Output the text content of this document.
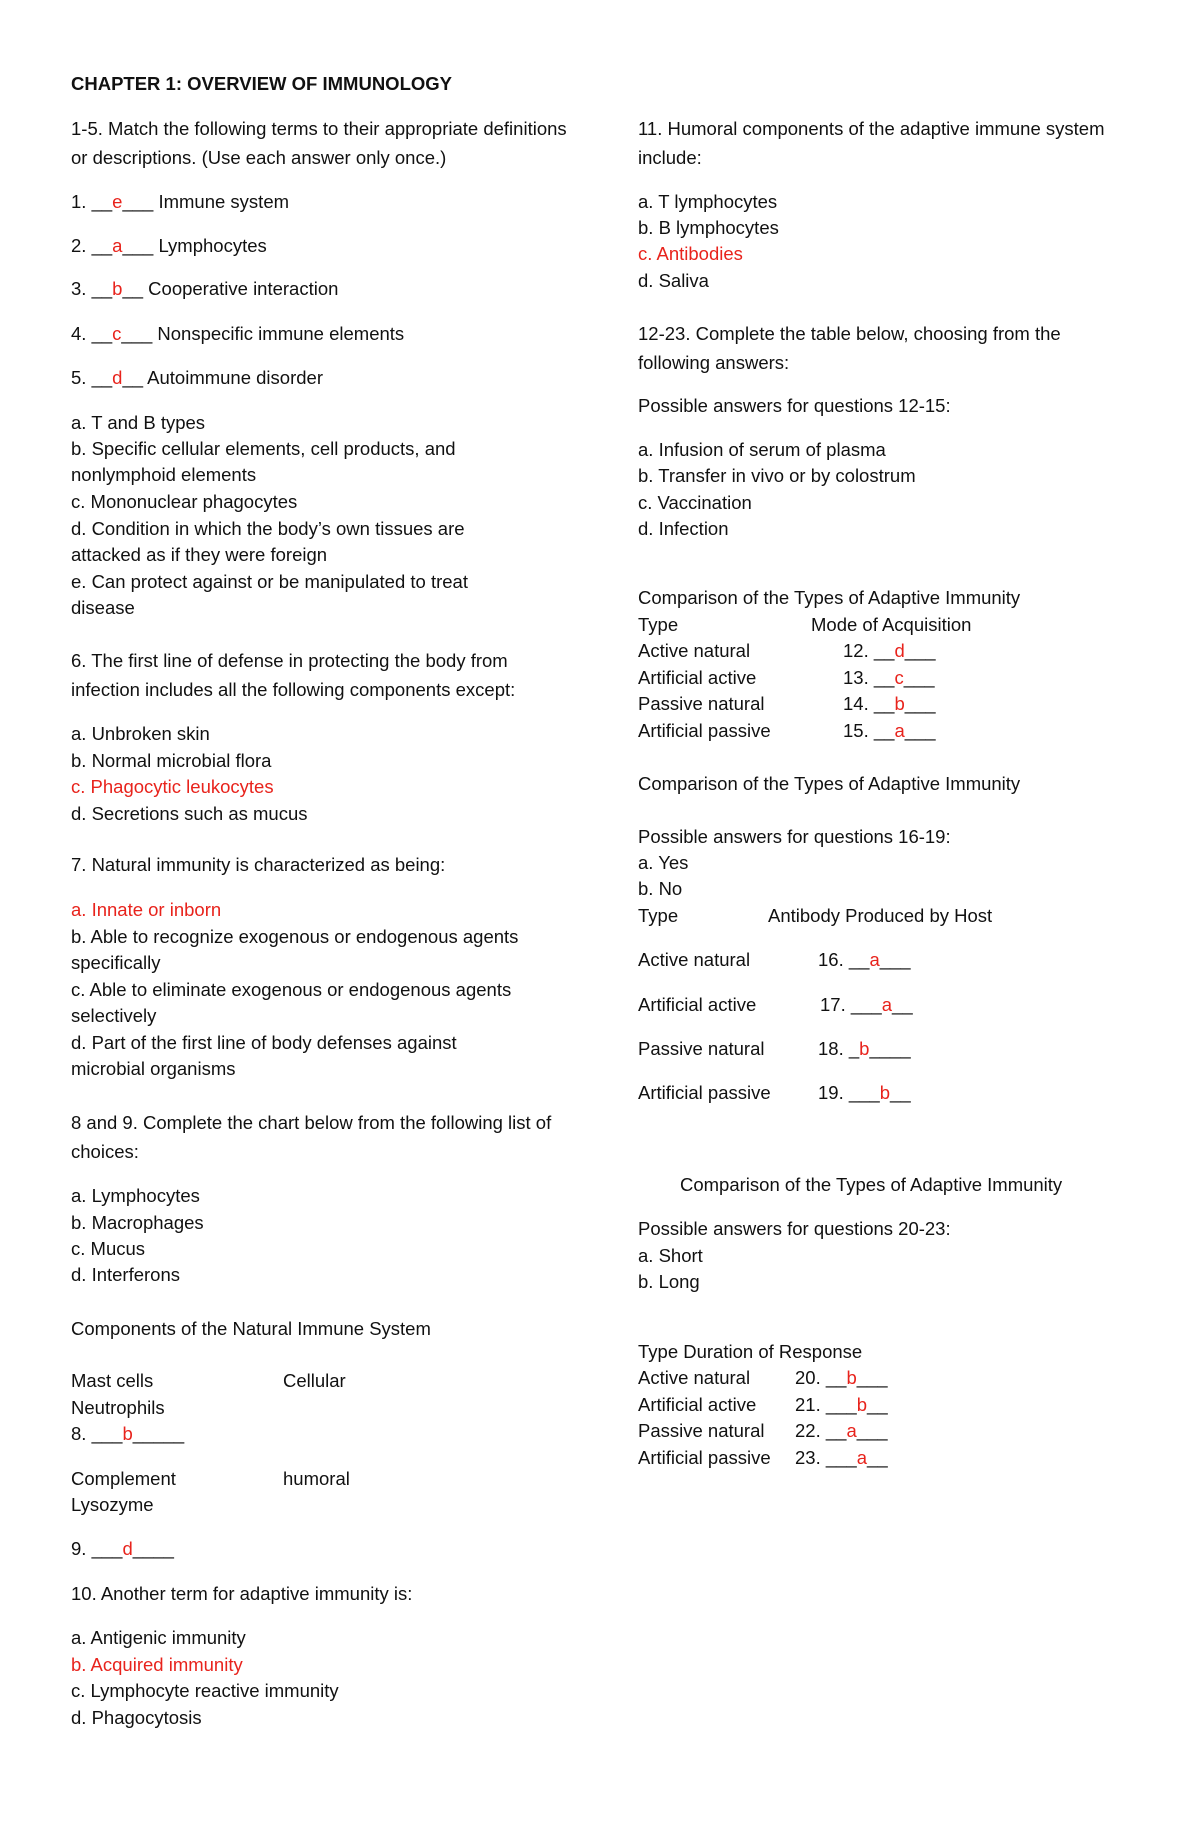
CHAPTER 1: OVERVIEW OF IMMUNOLOGY
1-5. Match the following terms to their appropriate definitions or descriptions. (Use each answer only once.)
1. __e___ Immune system
2. __a___ Lymphocytes
3. __b__ Cooperative interaction
4. __c___ Nonspecific immune elements
5. __d__ Autoimmune disorder
a. T and B types
b. Specific cellular elements, cell products, and nonlymphoid elements
c. Mononuclear phagocytes
d. Condition in which the body’s own tissues are attacked as if they were foreign
e. Can protect against or be manipulated to treat disease
6. The first line of defense in protecting the body from infection includes all the following components except:
a. Unbroken skin
b. Normal microbial flora
c. Phagocytic leukocytes
d. Secretions such as mucus
7. Natural immunity is characterized as being:
a. Innate or inborn
b. Able to recognize exogenous or endogenous agents specifically
c. Able to eliminate exogenous or endogenous agents selectively
d. Part of the first line of body defenses against microbial organisms
8 and 9. Complete the chart below from the following list of choices:
a. Lymphocytes
b. Macrophages
c. Mucus
d. Interferons
Components of the Natural Immune System
Mast cells	Cellular
Neutrophils
8. ___b_____
Complement	humoral
Lysozyme
9. ___d____
10. Another term for adaptive immunity is:
a. Antigenic immunity
b. Acquired immunity
c. Lymphocyte reactive immunity
d. Phagocytosis
11. Humoral components of the adaptive immune system include:
a. T lymphocytes
b. B lymphocytes
c. Antibodies
d. Saliva
12-23. Complete the table below, choosing from the following answers:
Possible answers for questions 12-15:
a. Infusion of serum of plasma
b. Transfer in vivo or by colostrum
c. Vaccination
d. Infection
Comparison of the Types of Adaptive Immunity
Type	Mode of Acquisition
Active natural	12. __d___
Artificial active	13. __c___
Passive natural	14. __b___
Artificial passive	15. __a___
Comparison of the Types of Adaptive Immunity
Possible answers for questions 16-19:
a. Yes
b. No
Type	Antibody Produced by Host
Active natural	16. __a___
Artificial active	17. ___a__
Passive natural	18. _b____
Artificial passive	19. ___b__
Comparison of the Types of Adaptive Immunity
Possible answers for questions 20-23:
a. Short
b. Long
Type Duration of Response
Active natural 20. __b___
Artificial active 21. ___b__
Passive natural 22. __a___
Artificial passive 23. ___a__
